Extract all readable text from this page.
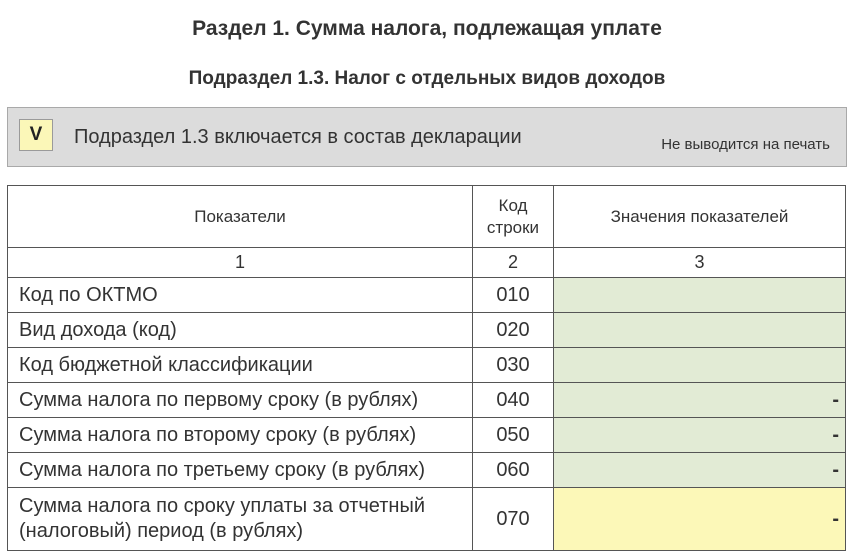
Раздел 1. Сумма налога, подлежащая уплате
Подраздел 1.3. Налог с отдельных видов доходов
V	Подраздел 1.3 включается в состав декларации	Не выводится на печать
Показатели	Код строки	Значения показателей
1	2	3
Код по ОКТМО	010	
Вид дохода (код)	020	
Код бюджетной классификации	030	
Сумма налога по первому сроку (в рублях)	040	-
Сумма налога по второму сроку (в рублях)	050	-
Сумма налога по третьему сроку (в рублях)	060	-
Сумма налога по сроку уплаты за отчетный (налоговый) период (в рублях)	070	-
